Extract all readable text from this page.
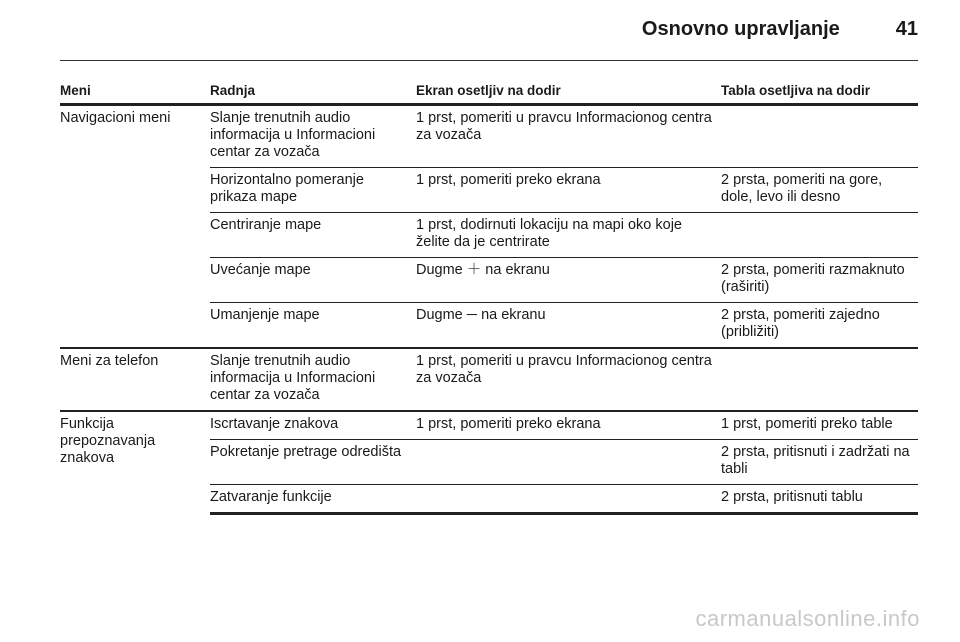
Osnovno upravljanje	41
Meni	Radnja	Ekran osetljiv na dodir	Tabla osetljiva na dodir
Navigacioni meni	Slanje trenutnih audio informacija u Informacioni centar za vozača	1 prst, pomeriti u pravcu Informacionog centra za vozača	
	Horizontalno pomeranje prikaza mape	1 prst, pomeriti preko ekrana	2 prsta, pomeriti na gore, dole, levo ili desno
	Centriranje mape	1 prst, dodirnuti lokaciju na mapi oko koje želite da je centrirate	
	Uvećanje mape	Dugme ＋ na ekranu	2 prsta, pomeriti razmaknuto (raširiti)
	Umanjenje mape	Dugme ─ na ekranu	2 prsta, pomeriti zajedno (približiti)
Meni za telefon	Slanje trenutnih audio informacija u Informacioni centar za vozača	1 prst, pomeriti u pravcu Informacionog centra za vozača	
Funkcija prepoznavanja znakova	Iscrtavanje znakova	1 prst, pomeriti preko ekrana	1 prst, pomeriti preko table
	Pokretanje pretrage odredišta		2 prsta, pritisnuti i zadržati na tabli
	Zatvaranje funkcije		2 prsta, pritisnuti tablu
carmanualsonline.info
